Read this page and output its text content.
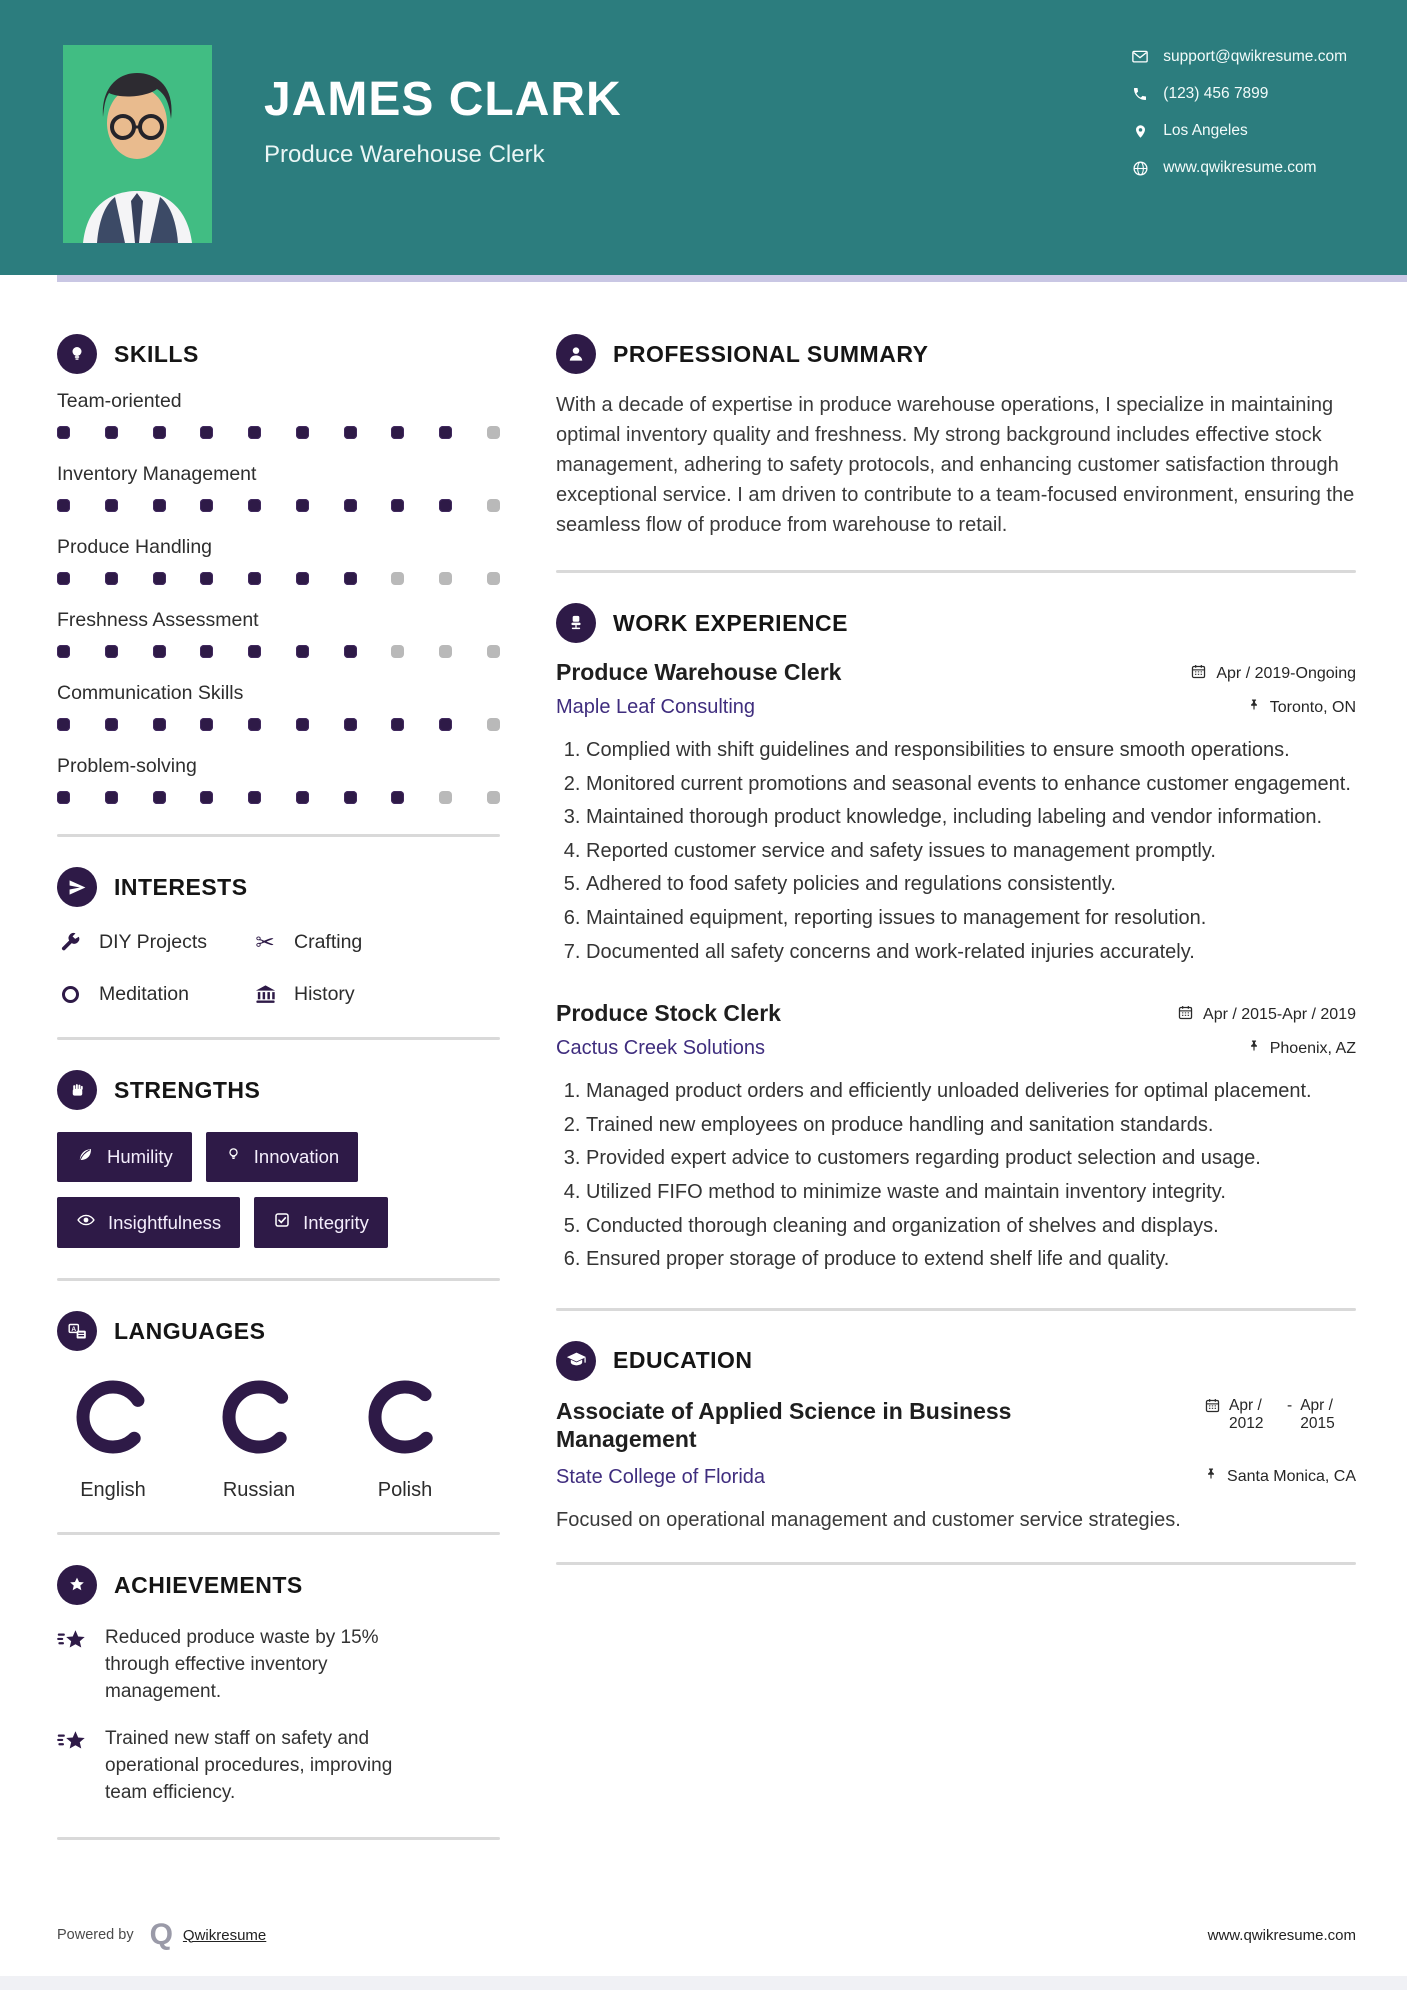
JAMES CLARK
Produce Warehouse Clerk
support@qwikresume.com
(123) 456 7899
Los Angeles
www.qwikresume.com
SKILLS
Team-oriented
Inventory Management
Produce Handling
Freshness Assessment
Communication Skills
Problem-solving
INTERESTS
DIY Projects ✂ Crafting
Meditation	History
STRENGTHS
Humility	Innovation
Insightfulness	Integrity
A LANGUAGES
English	Russian	Polish
ACHIEVEMENTS
Reduced produce waste by 15% through effective inventory management.
Trained new staff on safety and operational procedures, improving team efficiency.
PROFESSIONAL SUMMARY

With a decade of expertise in produce warehouse operations, I specialize in maintaining optimal inventory quality and freshness. My strong background includes effective stock management, adhering to safety protocols, and enhancing customer satisfaction through exceptional service. I am driven to contribute to a team-focused environment, ensuring the seamless flow of produce from warehouse to retail.

WORK EXPERIENCE
Produce Warehouse Clerk	Apr / 2019-Ongoing
Maple Leaf Consulting	Toronto, ON
1. Complied with shift guidelines and responsibilities to ensure smooth operations.
2. Monitored current promotions and seasonal events to enhance customer engagement.
3. Maintained thorough product knowledge, including labeling and vendor information.
4. Reported customer service and safety issues to management promptly.
5. Adhered to food safety policies and regulations consistently.
6. Maintained equipment, reporting issues to management for resolution.
7. Documented all safety concerns and work-related injuries accurately.
Produce Stock Clerk	Apr / 2015-Apr / 2019
Cactus Creek Solutions	Phoenix, AZ
1. Managed product orders and efficiently unloaded deliveries for optimal placement.
2. Trained new employees on produce handling and sanitation standards.
3. Provided expert advice to customers regarding product selection and usage.
4. Utilized FIFO method to minimize waste and maintain inventory integrity.
5. Conducted thorough cleaning and organization of shelves and displays.
6. Ensured proper storage of produce to extend shelf life and quality.
EDUCATION
Associate of Applied Science in Business Management
Apr / 2012
- Apr / 2015
State College of Florida	Santa Monica, CA

Focused on operational management and customer service strategies.

Powered by Q Qwikresume	www.qwikresume.com
